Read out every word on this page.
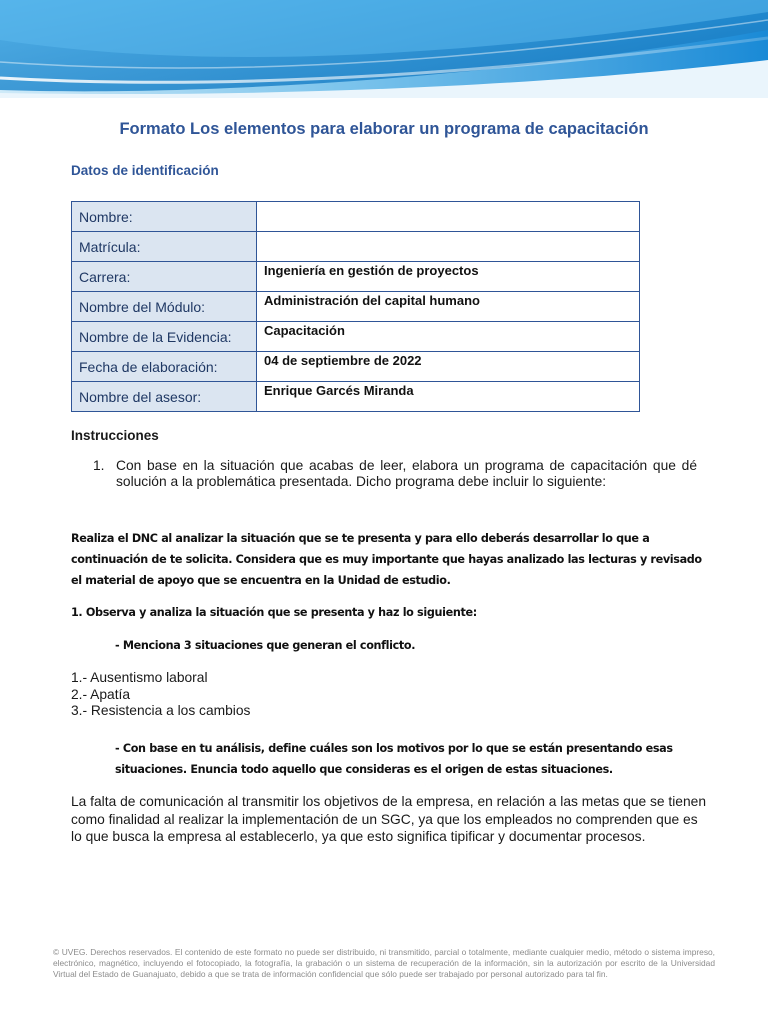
Formato Los elementos para elaborar un programa de capacitación
Datos de identificación
Nombre:	
Matrícula:	
Carrera:	Ingeniería en gestión de proyectos
Nombre del Módulo:	Administración del capital humano
Nombre de la Evidencia:	Capacitación
Fecha de elaboración:	04 de septiembre de 2022
Nombre del asesor:	Enrique Garcés Miranda
Instrucciones
1. Con base en la situación que acabas de leer, elabora un programa de capacitación que dé solución a la problemática presentada. Dicho programa debe incluir lo siguiente:
Realiza el DNC al analizar la situación que se te presenta y para ello deberás desarrollar lo que a continuación de te solicita. Considera que es muy importante que hayas analizado las lecturas y revisado el material de apoyo que se encuentra en la Unidad de estudio.
1. Observa y analiza la situación que se presenta y haz lo siguiente:
- Menciona 3 situaciones que generan el conflicto.
1.- Ausentismo laboral
2.- Apatía
3.- Resistencia a los cambios
- Con base en tu análisis, define cuáles son los motivos por lo que se están presentando esas situaciones. Enuncia todo aquello que consideras es el origen de estas situaciones.
La falta de comunicación al transmitir los objetivos de la empresa, en relación a las metas que se tienen como finalidad al realizar la implementación de un SGC, ya que los empleados no comprenden que es lo que busca la empresa al establecerlo, ya que esto significa tipificar y documentar procesos.
© UVEG. Derechos reservados. El contenido de este formato no puede ser distribuido, ni transmitido, parcial o totalmente, mediante cualquier medio, método o sistema impreso, electrónico, magnético, incluyendo el fotocopiado, la fotografía, la grabación o un sistema de recuperación de la información, sin la autorización por escrito de la Universidad Virtual del Estado de Guanajuato, debido a que se trata de información confidencial que sólo puede ser trabajado por personal autorizado para tal fin.
